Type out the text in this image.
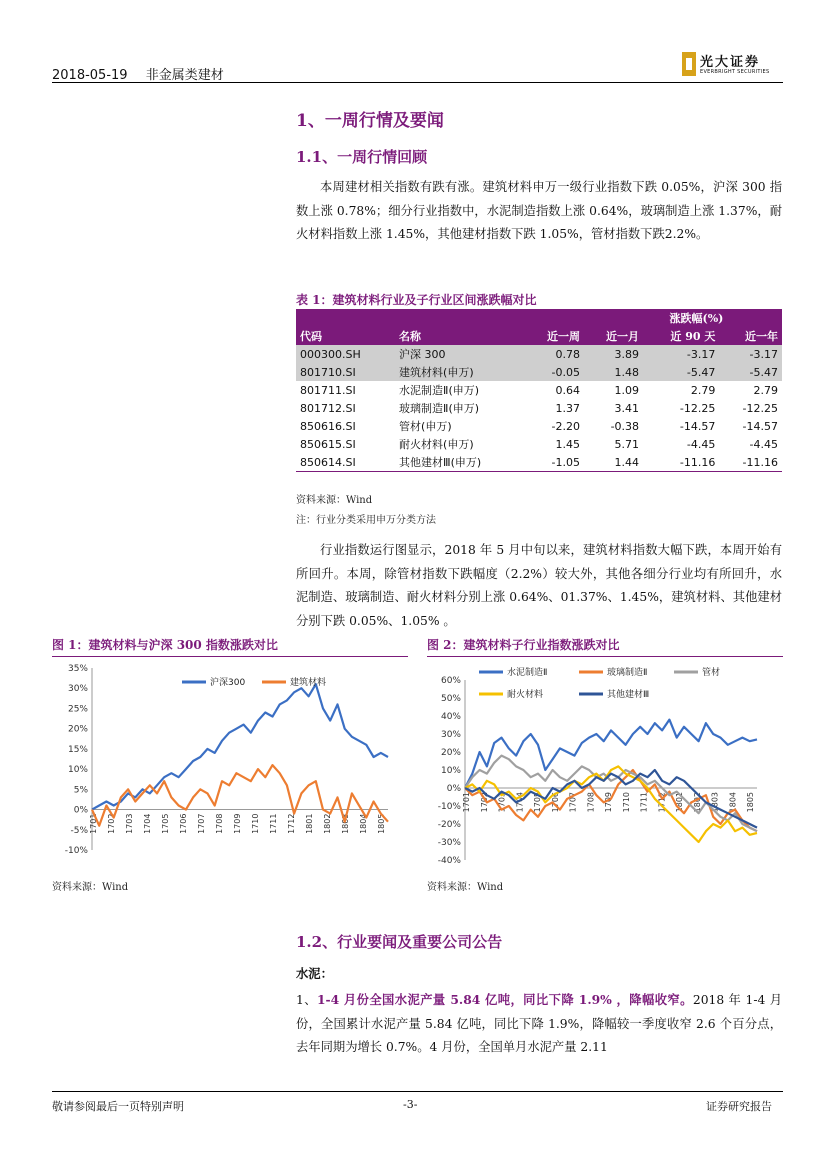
2018-05-19 非金属类建材
光大证券
EVERBRIGHT SECURITIES
1、一周行情及要闻
1.1、一周行情回顾
本周建材相关指数有跌有涨。建筑材料申万一级行业指数下跌 0.05%，沪深 300 指数上涨 0.78%；细分行业指数中，水泥制造指数上涨 0.64%，玻璃制造上涨 1.37%，耐火材料指数上涨 1.45%，其他建材指数下跌 1.05%，管材指数下跌2.2%。
表 1：建筑材料行业及子行业区间涨跌幅对比
		涨跌幅(%)			
代码	名称	近一周	近一月	近 90 天	近一年
000300.SH	沪深 300	0.78	3.89	-3.17	-3.17
801710.SI	建筑材料(申万)	-0.05	1.48	-5.47	-5.47
801711.SI	水泥制造Ⅱ(申万)	0.64	1.09	2.79	2.79
801712.SI	玻璃制造Ⅱ(申万)	1.37	3.41	-12.25	-12.25
850616.SI	管材(申万)	-2.20	-0.38	-14.57	-14.57
850615.SI	耐火材料(申万)	1.45	5.71	-4.45	-4.45
850614.SI	其他建材Ⅲ(申万)	-1.05	1.44	-11.16	-11.16
资料来源：Wind
注：行业分类采用申万分类方法
行业指数运行图显示，2018 年 5 月中旬以来，建筑材料指数大幅下跌，本周开始有所回升。本周，除管材指数下跌幅度（2.2%）较大外，其他各细分行业均有所回升，水泥制造、玻璃制造、耐火材料分别上涨 0.64%、01.37%、1.45%，建筑材料、其他建材分别下跌 0.05%、1.05% 。
图 1：建筑材料与沪深 300 指数涨跌对比	图 2：建筑材料子行业指数涨跌对比
35%
30%
25%
20%
15%
10%
5%
0%
-5%
-10%
1701 1702 1703 1704 1705 1706 1707 1708 1709 1710 1711 1712 1801 1802 1803 1804 1805
沪深300	建筑材料	60%
50%
40%
30%
20%
10%
0%
-10%
-20%
-30%
-40%
1701 1702 1703 1704 1705 1706 1707 1708 1709 1710 1711 1712 1801 1802 1803 1804 1805
水泥制造Ⅱ	玻璃制造Ⅱ	管材
耐火材料	其他建材Ⅲ
资料来源：Wind	资料来源：Wind
1.2、行业要闻及重要公司公告
水泥：
1、1-4 月份全国水泥产量 5.84 亿吨，同比下降 1.9% ，降幅收窄。2018 年 1-4 月份，全国累计水泥产量 5.84 亿吨，同比下降 1.9%，降幅较一季度收窄 2.6 个百分点，去年同期为增长 0.7%。4 月份，全国单月水泥产量 2.11
敬请参阅最后一页特别声明	-3-	证券研究报告
